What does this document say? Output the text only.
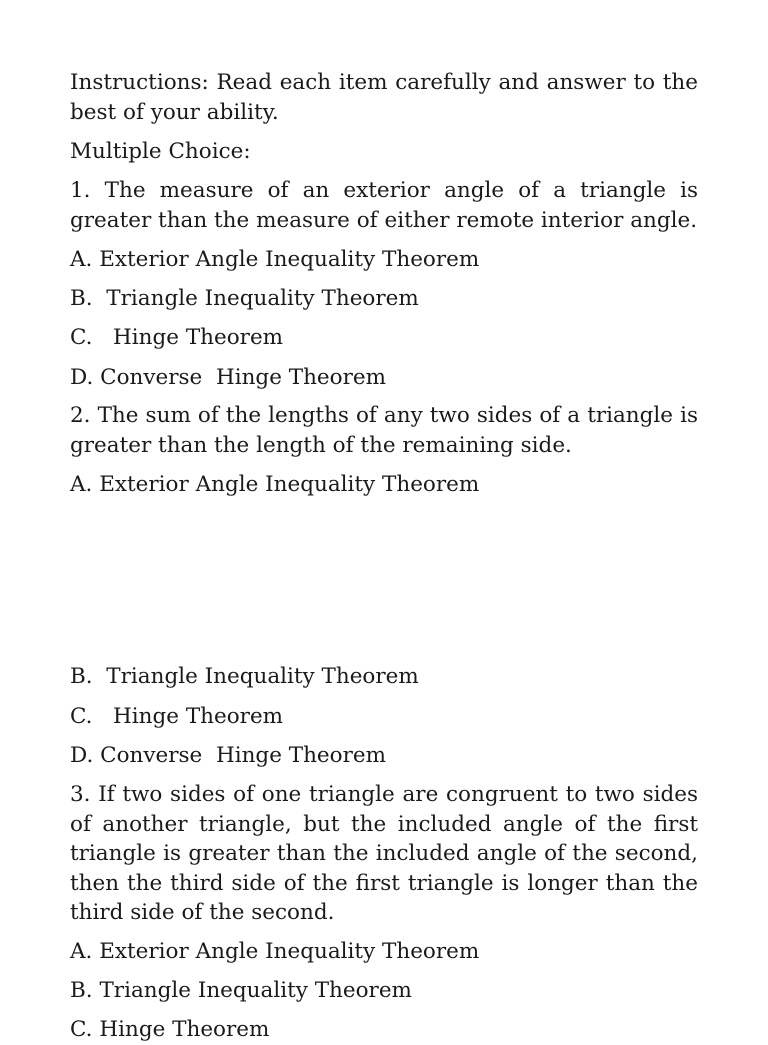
Instructions: Read each item carefully and answer to the best of your ability.

Multiple Choice:

1. The measure of an exterior angle of a triangle is greater than the measure of either remote interior angle.

A. Exterior Angle Inequality Theorem

B.  Triangle Inequality Theorem

C.   Hinge Theorem

D. Converse  Hinge Theorem

2. The sum of the lengths of any two sides of a triangle is greater than the length of the remaining side.

A. Exterior Angle Inequality Theorem

B.  Triangle Inequality Theorem

C.   Hinge Theorem

D. Converse  Hinge Theorem

3. If two sides of one triangle are congruent to two sides of another triangle, but the included angle of the first triangle is greater than the included angle of the second, then the third side of the first triangle is longer than the third side of the second.

A. Exterior Angle Inequality Theorem

B. Triangle Inequality Theorem

C. Hinge Theorem
